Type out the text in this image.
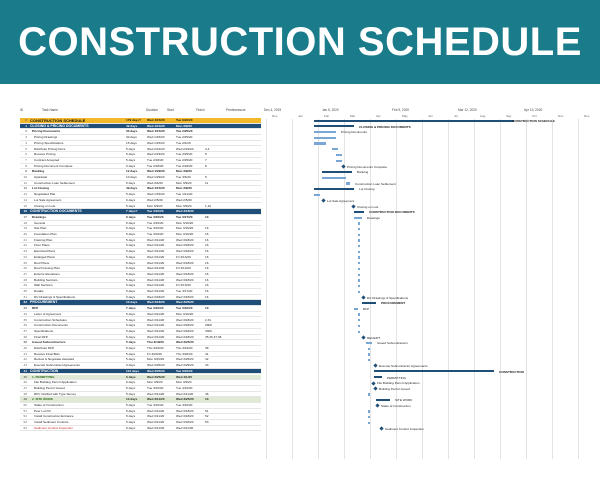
CONSTRUCTION SCHEDULE
ID	Task Name	Duration	Start	Finish	Predecessors
0 CONSTRUCTION SCHEDULE	179 days?	Wed 1/15/20	Tue 9/22/20
1 CLOSING & PRICING DOCUMENTS	49 days	Wed 1/15/20	Mon 3/9/20
2	Pricing Documents	30 days	Wed 1/15/20	Tue 2/25/20
3	Pricing Drawings	30 days	Wed 1/15/20	Tue 2/25/20
4	Pricing Specifications	15 days	Wed 1/15/20	Tue 2/4/20
5	Distribute Pricing Docs	5 days	Wed 2/12/20	Wed 2/19/20	3,4
6	Receive Pricing	5 days	Wed 2/19/20	Tue 2/25/20	5
7	Contract Accepted	5 days	Tue 2/18/20	Tue 2/25/20	7
8	Pricing Document Complete	0 days	Tue 2/18/20	Tue 2/18/20	8
9	Banking	12 days	Wed 1/29/20	Mon 3/9/20
10	Appraisal	10 days	Wed 1/29/20	Tue 3/3/20	5
11	Construction Loan Settlement	5 days	Wed 3/4/20	Mon 3/9/20	11
12	Lot Closing	49 days	Wed 1/15/20	Mon 3/9/20
13	Negotiated Plat	5 days	Wed 1/15/20	Tue 1/21/20
14	Lot Sale Agreement	0 days	Wed 2/5/20	Wed 2/5/20
15	Closing on Lots	5 days	Mon 3/9/20	Mon 3/9/20	1,10
16 CONSTRUCTION DOCUMENTS	7 days?	Tue 3/10/20	Wed 3/18/20
17	Drawings	6 days	Tue 3/10/20	Tue 3/17/20	13
18	General	5 days	Tue 3/10/20	Mon 3/16/20
19	Site Plan	5 days	Tue 3/10/20	Mon 3/16/20	16
20	Foundation Plan	5 days	Tue 3/10/20	Mon 3/16/20	16
21	Framing Plan	5 days	Wed 3/11/20	Wed 3/18/20	16
22	Floor Plans	5 days	Wed 3/11/20	Wed 3/18/20	16
23	Electrical Plans	5 days	Wed 3/11/20	Wed 3/18/20	16
24	Enlarged Plans	5 days	Wed 3/11/20	Fri 3/13/20	16
25	Roof Plans	5 days	Wed 3/11/20	Wed 3/18/20	16
26	Roof Framing Plan	5 days	Wed 3/11/20	Fri 3/13/20	16
27	Exterior Elevations	5 days	Wed 3/11/20	Wed 3/18/20	16
28	Building Sections	5 days	Wed 3/11/20	Wed 3/18/20	16
29	Wall Sections	5 days	Wed 3/11/20	Fri 3/13/20	16
30	Details	5 days	Wed 3/11/20	Tue 3/17/20	16
31	DC Drawings & Specifications	0 days	Wed 3/18/20	Wed 3/18/20	16
32 PROCUREMENT	13 days	Wed 3/18/20	Wed 3/25/20
33	RFP	7 days	Tue 3/10/20	Tue 3/10/20	13
34	Letter of Agreement	5 days	Wed 3/11/20	Mon 3/16/20
35	Construction Schedules	5 days	Wed 3/11/20	Wed 3/18/20	2,31
36	Construction Documents	5 days	Wed 3/11/20	Wed 3/18/20	33FF
37	Specifications	5 days	Wed 3/11/20	Wed 3/18/20	33FF
38	Final RFP	5 days	Wed 3/11/20	Wed 3/18/20	35,36,37,38
39	Issued Subcontractors	5 days	Thu 3/19/20	Wed 3/25/20
40	Distribute RFP	5 days	Thu 3/19/20	Thu 3/19/20	38
41	Receive Final Bids	5 days	Fri 3/20/20	Thu 3/26/20	41
42	Review & Negotiate Awarded	5 days	Mon 3/23/20	Wed 3/25/20	42
43	Execute Subcontract Agreements	0 days	Wed 3/25/20	Wed 3/25/20	43
44 CONSTRUCTION	131 days	Wed 3/25/20	Tue 9/22/20
45	1. PERMITTING	6 days	Wed 3/25/20	Wed 4/1/20
46	File Building Permit Application	0 days	Mon 3/9/20	Mon 3/9/20
47	Building Permit Issued	5 days	Tue 3/10/20	Tue 3/10/20
48	RFC Notified with Type Survey	5 days	Wed 3/11/20	Wed 3/11/20	46
49	2. SITE WORK	13 days	Wed 3/11/20	Wed 3/25/20	13
50	Stake of Construction	5 days	Tue 3/10/20	Tue 3/10/20
51	Peer Lot Fill	5 days	Wed 3/11/20	Wed 3/18/20	51
52	Install Construction Entrance	5 days	Wed 3/11/20	Wed 3/18/20	52
53	Install Sediment Controls	5 days	Wed 3/11/20	Wed 3/18/20	53
54	Sediment Control Inspection	0 days	Wed 3/11/20	Wed 3/11/20
Dec 4, 2019	Jan 5, 2020	Feb 9, 2020	Mar 12, 2020	Apr 13, 2020
Dec	Jan	Feb	Mar	Apr	May	Jun	Jul	Aug	Sep	Oct	Nov	Dec
CONSTRUCTION SCHEDULE
CLOSING & PRICING DOCUMENTS
Pricing Documents
Pricing Documents Complete
Banking
Construction Loan Settlement
Lot Closing
Lot Sale Agreement
Closing on Lots
CONSTRUCTION DOCUMENTS
Drawings
DC Drawings & Specifications
PROCUREMENT
RFP
RECEIPT
Issued Subcontractors
Execute Subcontractor Agreements
CONSTRUCTION
PERMITTING
File Building Permit Application
Building Permit Issued
SITE WORK
Stake of Construction
Sediment Control Inspection
